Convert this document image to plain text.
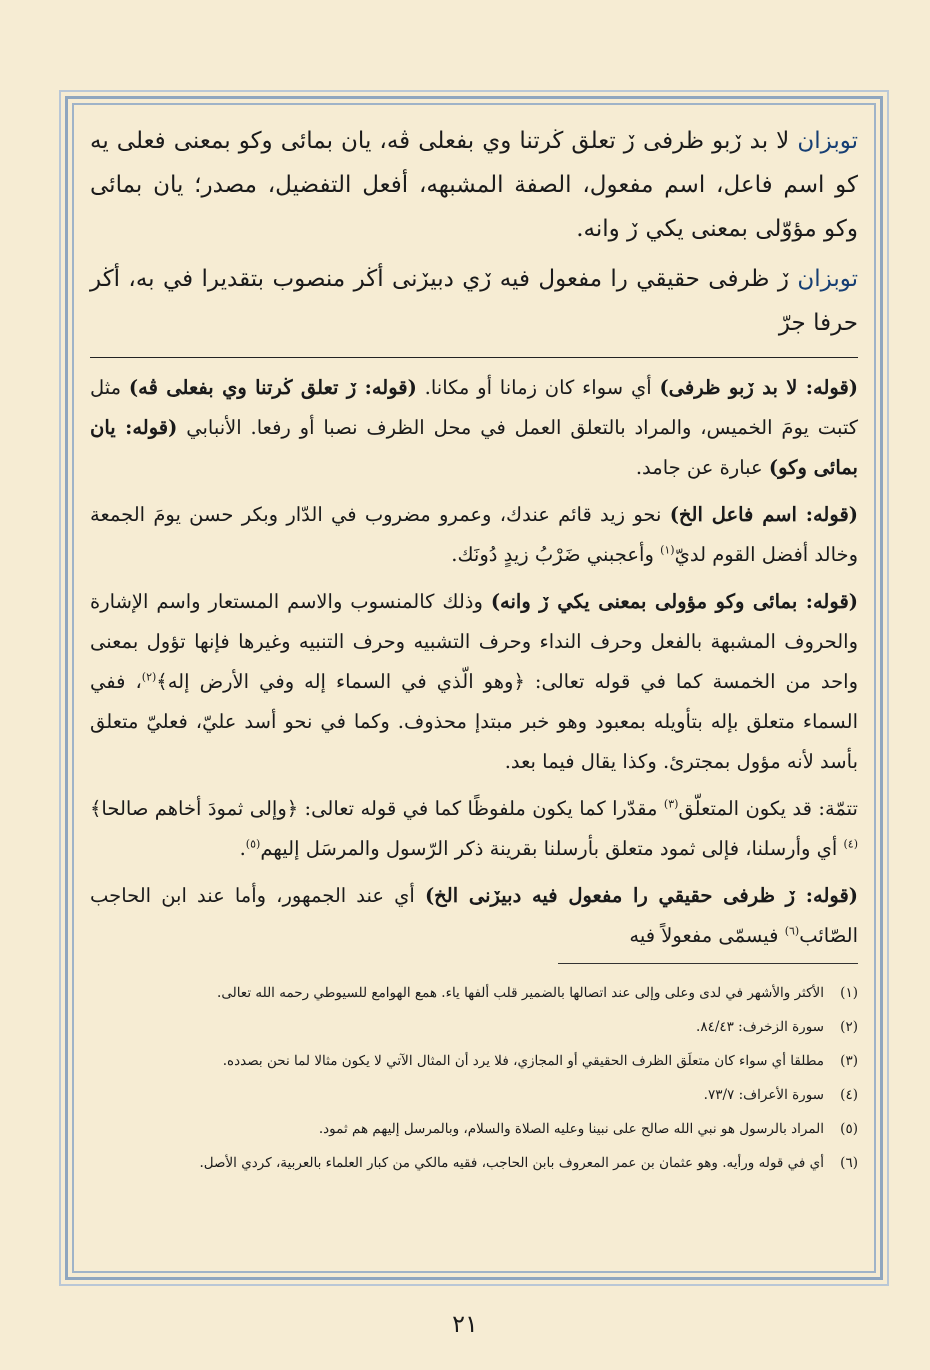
توبزان لا بد ڒبو ظرفى ڒ تعلق ڬرتنا وي بفعلى ڤه، يان بمائى وكو بمعنى فعلى يه كو اسم فاعل، اسم مفعول، الصفة المشبهه، أفعل التفضيل، مصدر؛ يان بمائى وكو مؤوّلى بمعنى يكي ڒ وانه.

توبزان ڒ ظرفى حقيقي را مفعول فيه ڒي دبيڒنى أڬر منصوب بتقديرا في به، أڬر حرفا جرّ

(قوله: لا بد ڒبو ظرفى) أي سواء كان زمانا أو مكانا. (قوله: ڒ تعلق ڬرتنا وي بفعلى ڤه) مثل كتبت يومَ الخميس، والمراد بالتعلق العمل في محل الظرف نصبا أو رفعا. الأنبابي (قوله: يان بمائى وكو) عبارة عن جامد.

(قوله: اسم فاعل الخ) نحو زيد قائم عندك، وعمرو مضروب في الدّار وبكر حسن يومَ الجمعة وخالد أفضل القوم لديّ$^{(١)}$ وأعجبني ضَرْبُ زيدٍ دُونَك.

(قوله: بمائى وكو مؤولى بمعنى يكي ڒ وانه) وذلك كالمنسوب والاسم المستعار واسم الإشارة والحروف المشبهة بالفعل وحرف النداء وحرف التشبيه وحرف التنبيه وغيرها فإنها تؤول بمعنى واحد من الخمسة كما في قوله تعالى: ﴿وهو الّذي في السماء إله وفي الأرض إله﴾$^{(٢)}$، ففي السماء متعلق بإله بتأويله بمعبود وهو خبر مبتدإ محذوف. وكما في نحو أسد عليّ، فعليّ متعلق بأسد لأنه مؤول بمجترئ. وكذا يقال فيما بعد.

تتمّة: قد يكون المتعلّق$^{(٣)}$ مقدّرا كما يكون ملفوظًا كما في قوله تعالى: ﴿وإلى ثمودَ أخاهم صالحا﴾$^{(٤)}$ أي وأرسلنا، فإلى ثمود متعلق بأرسلنا بقرينة ذكر الرّسول والمرسَل إليهم$^{(٥)}$.

(قوله: ڒ ظرفى حقيقي را مفعول فيه دبيڒنى الخ) أي عند الجمهور، وأما عند ابن الحاجب الصّائب$^{(٦)}$ فيسمّى مفعولاً فيه

(١)
الأكثر والأشهر في لدى وعلى وإلى عند اتصالها بالضمير قلب ألفها ياء. همع الهوامع للسيوطي رحمه الله تعالى.
(٢)
سورة الزخرف: ٨٤/٤٣.
(٣)
مطلقا أي سواء كان متعلَق الظرف الحقيقي أو المجازي، فلا يرد أن المثال الآتي لا يكون مثالا لما نحن بصدده.
(٤)
سورة الأعراف: ٧٣/٧.
(٥)
المراد بالرسول هو نبي الله صالح على نبينا وعليه الصلاة والسلام، وبالمرسل إليهم هم ثمود.
(٦)
أي في قوله ورأيه. وهو عثمان بن عمر المعروف بابن الحاجب، فقيه مالكي من كبار العلماء بالعربية، كردي الأصل.
٢١
